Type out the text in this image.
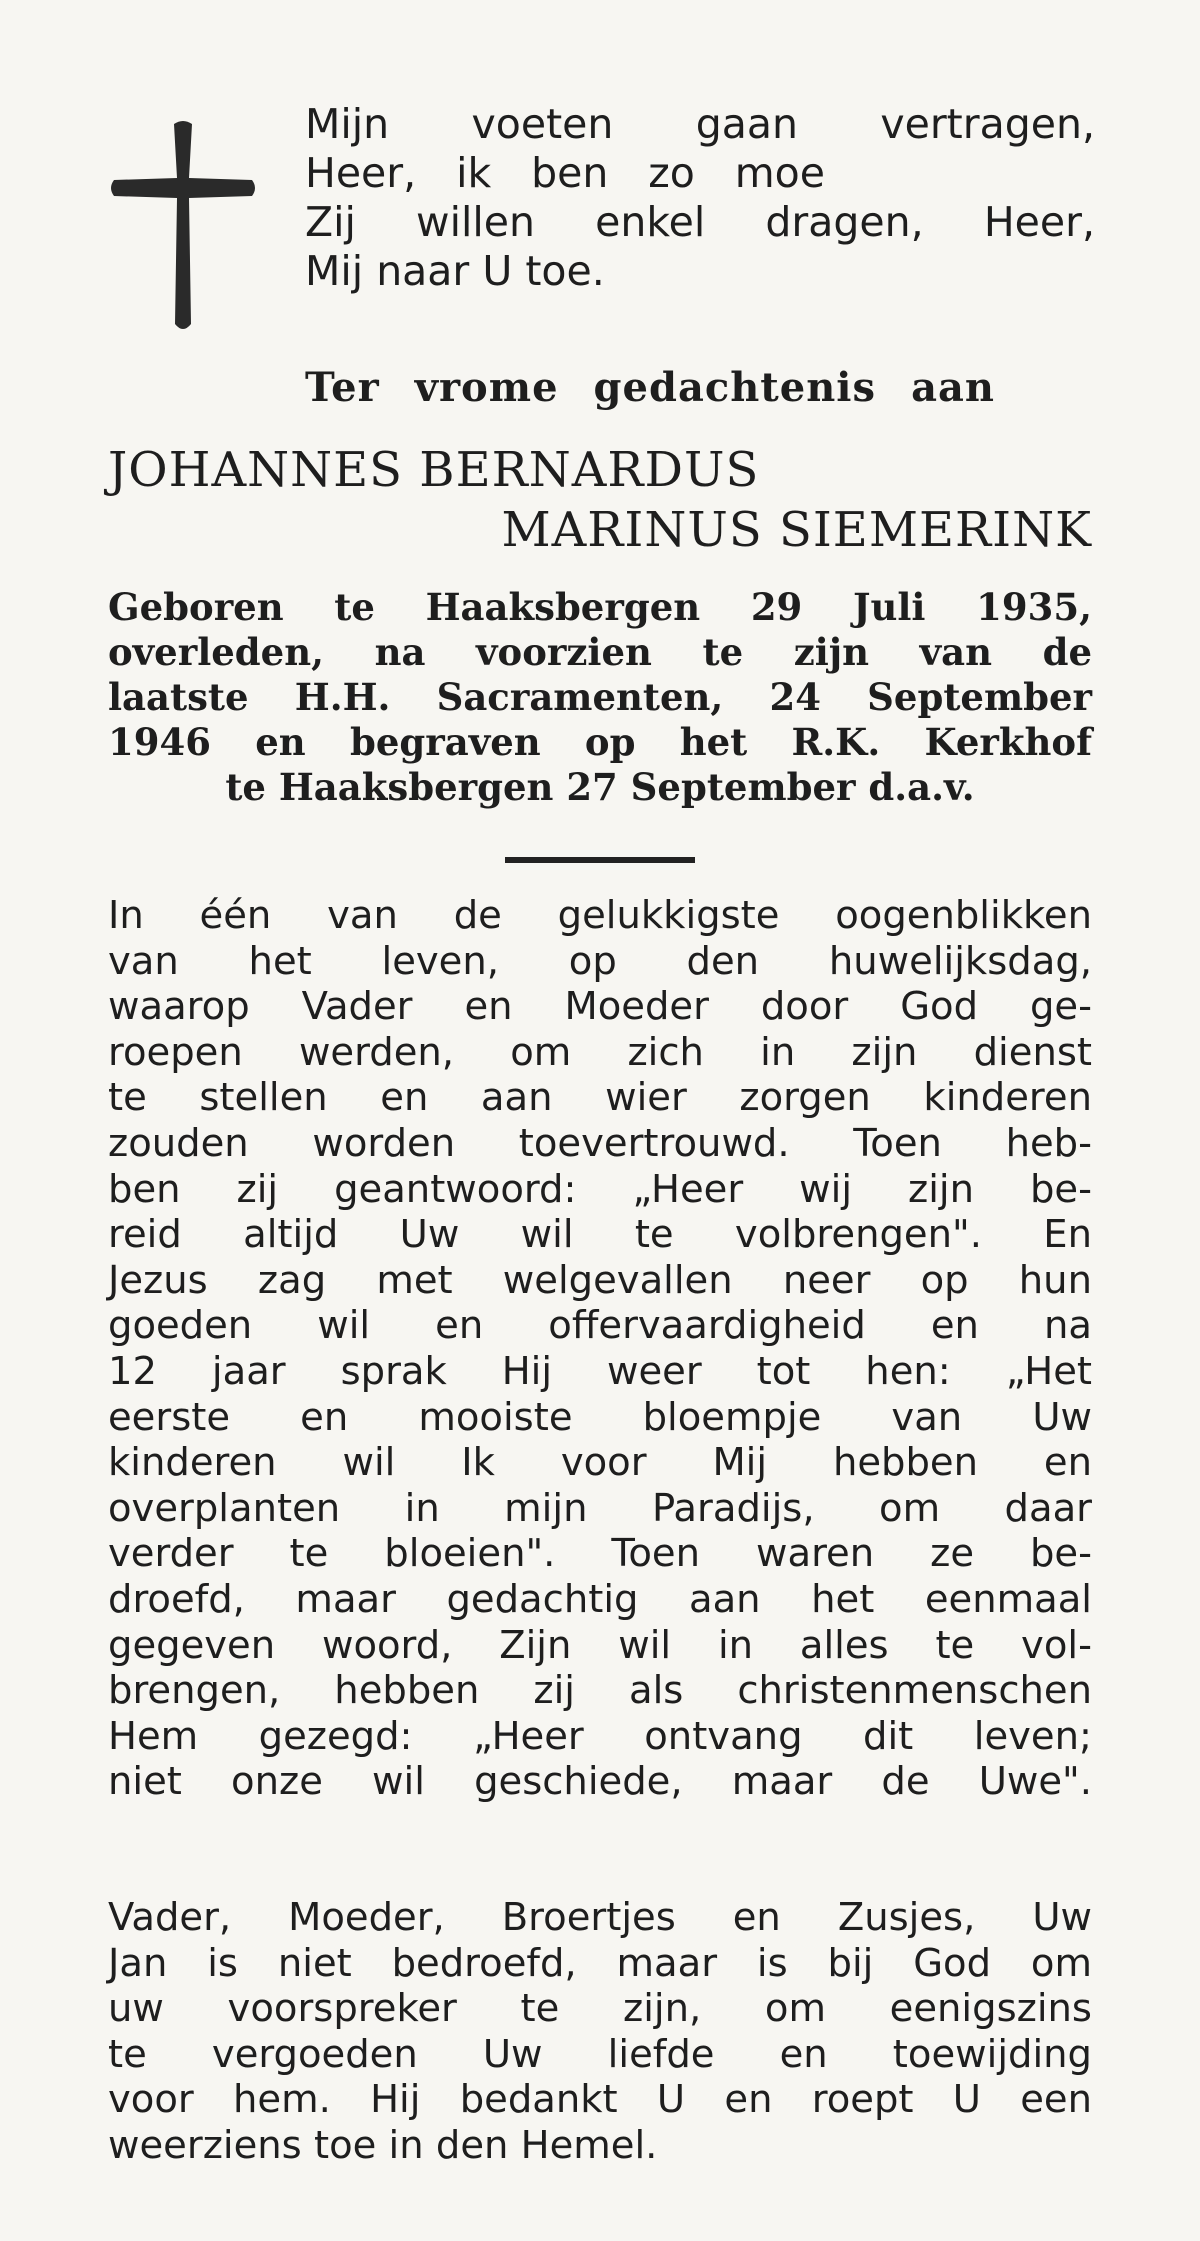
Mijn voeten gaan vertragen,
Heer, ik ben zo moe
Zij willen enkel dragen, Heer,
Mij naar U toe.
Ter vrome gedachtenis aan
JOHANNES BERNARDUS
MARINUS SIEMERINK
Geboren te Haaksbergen 29 Juli 1935,
overleden, na voorzien te zijn van de
laatste H.H. Sacramenten, 24 September
1946 en begraven op het R.K. Kerkhof
te Haaksbergen 27 September d.a.v.
In één van de gelukkigste oogenblikken
van het leven, op den huwelijksdag,
waarop Vader en Moeder door God ge-
roepen werden, om zich in zijn dienst
te stellen en aan wier zorgen kinderen
zouden worden toevertrouwd. Toen heb-
ben zij geantwoord: „Heer wij zijn be-
reid altijd Uw wil te volbrengen". En
Jezus zag met welgevallen neer op hun
goeden wil en offervaardigheid en na
12 jaar sprak Hij weer tot hen: „Het
eerste en mooiste bloempje van Uw
kinderen wil Ik voor Mij hebben en
overplanten in mijn Paradijs, om daar
verder te bloeien". Toen waren ze be-
droefd, maar gedachtig aan het eenmaal
gegeven woord, Zijn wil in alles te vol-
brengen, hebben zij als christenmenschen
Hem gezegd: „Heer ontvang dit leven;
niet onze wil geschiede, maar de Uwe".
Vader, Moeder, Broertjes en Zusjes, Uw
Jan is niet bedroefd, maar is bij God om
uw voorspreker te zijn, om eenigszins
te vergoeden Uw liefde en toewijding
voor hem. Hij bedankt U en roept U een
weerziens toe in den Hemel.
